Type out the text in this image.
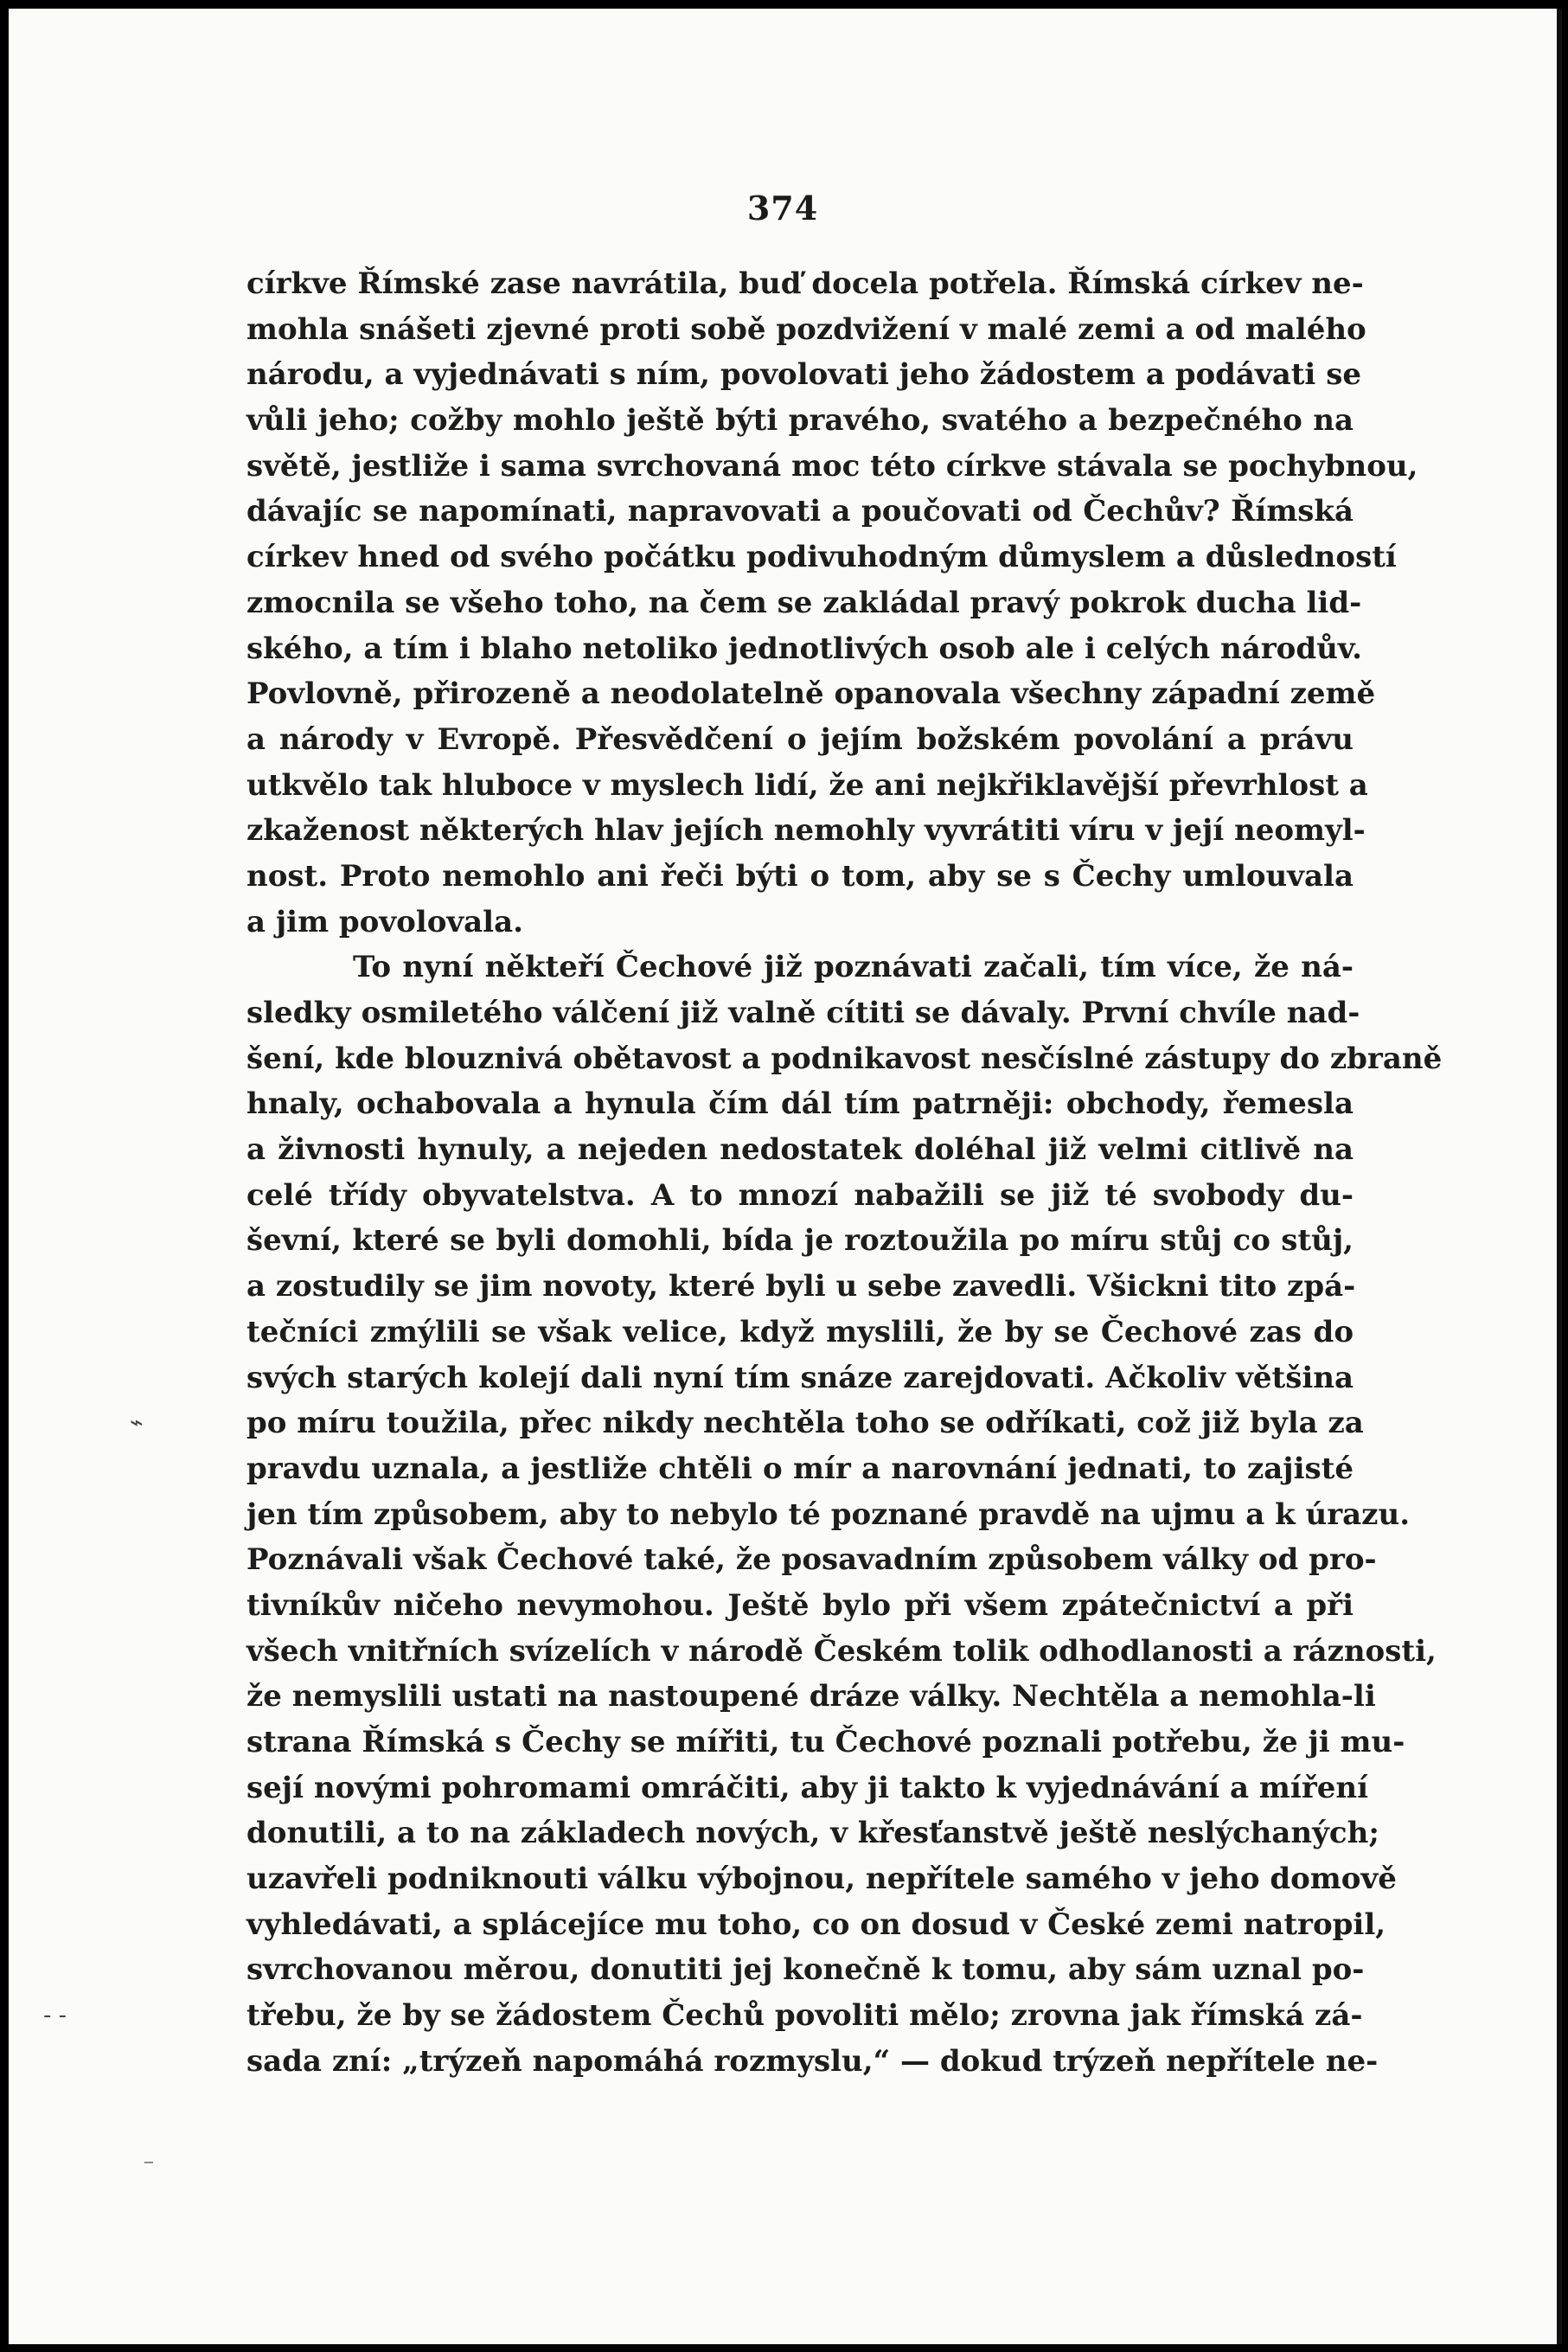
374
církve Římské zase navrátila, buď docela potřela. Římská církev ne-
mohla snášeti zjevné proti sobě pozdvižení v malé zemi a od malého
národu, a vyjednávati s ním, povolovati jeho žádostem a podávati se
vůli jeho; cožby mohlo ještě býti pravého, svatého a bezpečného na
světě, jestliže i sama svrchovaná moc této církve stávala se pochybnou,
dávajíc se napomínati, napravovati a poučovati od Čechův? Římská
církev hned od svého počátku podivuhodným důmyslem a důsledností
zmocnila se všeho toho, na čem se zakládal pravý pokrok ducha lid-
ského, a tím i blaho netoliko jednotlivých osob ale i celých národův.
Povlovně, přirozeně a neodolatelně opanovala všechny západní země
a národy v Evropě. Přesvědčení o jejím božském povolání a právu
utkvělo tak hluboce v myslech lidí, že ani nejkřiklavější převrhlost a
zkaženost některých hlav jejích nemohly vyvrátiti víru v její neomyl-
nost. Proto nemohlo ani řeči býti o tom, aby se s Čechy umlouvala
a jim povolovala.
To nyní někteří Čechové již poznávati začali, tím více, že ná-
sledky osmiletého válčení již valně cítiti se dávaly. První chvíle nad-
šení, kde blouznivá obětavost a podnikavost nesčíslné zástupy do zbraně
hnaly, ochabovala a hynula čím dál tím patrněji: obchody, řemesla
a živnosti hynuly, a nejeden nedostatek doléhal již velmi citlivě na
celé třídy obyvatelstva. A to mnozí nabažili se již té svobody du-
ševní, které se byli domohli, bída je roztoužila po míru stůj co stůj,
a zostudily se jim novoty, které byli u sebe zavedli. Všickni tito zpá-
tečníci zmýlili se však velice, když myslili, že by se Čechové zas do
svých starých kolejí dali nyní tím snáze zarejdovati. Ačkoliv většina
po míru toužila, přec nikdy nechtěla toho se odříkati, což již byla za
pravdu uznala, a jestliže chtěli o mír a narovnání jednati, to zajisté
jen tím způsobem, aby to nebylo té poznané pravdě na ujmu a k úrazu.
Poznávali však Čechové také, že posavadním způsobem války od pro-
tivníkův ničeho nevymohou. Ještě bylo při všem zpátečnictví a při
všech vnitřních svízelích v národě Českém tolik odhodlanosti a ráznosti,
že nemyslili ustati na nastoupené dráze války. Nechtěla a nemohla-li
strana Římská s Čechy se mířiti, tu Čechové poznali potřebu, že ji mu-
sejí novými pohromami omráčiti, aby ji takto k vyjednávání a míření
donutili, a to na základech nových, v křesťanstvě ještě neslýchaných;
uzavřeli podniknouti válku výbojnou, nepřítele samého v jeho domově
vyhledávati, a splácejíce mu toho, co on dosud v České zemi natropil,
svrchovanou měrou, donutiti jej konečně k tomu, aby sám uznal po-
třebu, že by se žádostem Čechů povoliti mělo; zrovna jak římská zá-
sada zní: „trýzeň napomáhá rozmyslu,“ — dokud trýzeň nepřítele ne-
⌁
‐ ‑
⁻
